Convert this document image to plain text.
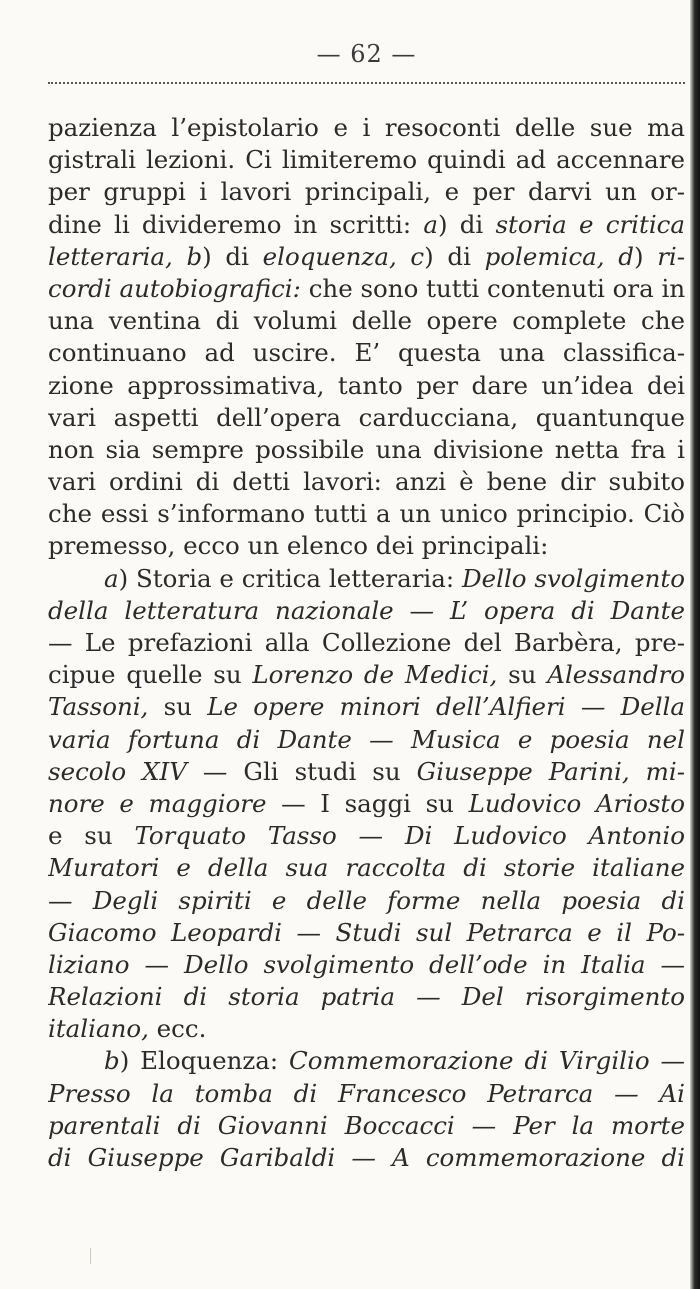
— 62 —
pazienza l’epistolario e i resoconti delle sue ma
gistrali lezioni. Ci limiteremo quindi ad accennare
per gruppi i lavori principali, e per darvi un or-
dine li divideremo in scritti: a) di storia e critica
letteraria, b) di eloquenza, c) di polemica, d) ri-
cordi autobiografici: che sono tutti contenuti ora in
una ventina di volumi delle opere complete che
continuano ad uscire. E’ questa una classifica-
zione approssimativa, tanto per dare un’idea dei
vari aspetti dell’opera carducciana, quantunque
non sia sempre possibile una divisione netta fra i
vari ordini di detti lavori: anzi è bene dir subito
che essi s’informano tutti a un unico principio. Ciò
premesso, ecco un elenco dei principali:
a) Storia e critica letteraria: Dello svolgimento
della letteratura nazionale — L’ opera di Dante
— Le prefazioni alla Collezione del Barbèra, pre-
cipue quelle su Lorenzo de Medici, su Alessandro
Tassoni, su Le opere minori dell’Alfieri — Della
varia fortuna di Dante — Musica e poesia nel
secolo XIV — Gli studi su Giuseppe Parini, mi-
nore e maggiore — I saggi su Ludovico Ariosto
e su Torquato Tasso — Di Ludovico Antonio
Muratori e della sua raccolta di storie italiane
— Degli spiriti e delle forme nella poesia di
Giacomo Leopardi — Studi sul Petrarca e il Po-
liziano — Dello svolgimento dell’ode in Italia —
Relazioni di storia patria — Del risorgimento
italiano, ecc.
b) Eloquenza: Commemorazione di Virgilio —
Presso la tomba di Francesco Petrarca — Ai
parentali di Giovanni Boccacci — Per la morte
di Giuseppe Garibaldi — A commemorazione di
